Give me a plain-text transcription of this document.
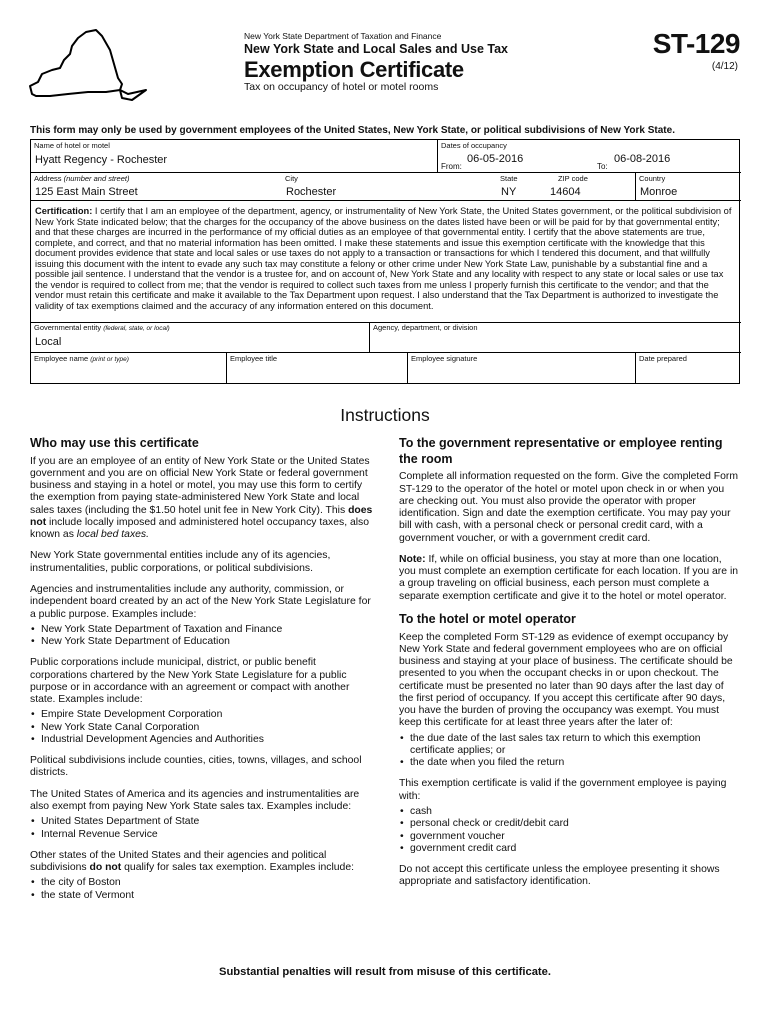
New York State Department of Taxation and Finance
New York State and Local Sales and Use Tax
Exemption Certificate
Tax on occupancy of hotel or motel rooms
ST-129
(4/12)
This form may only be used by government employees of the United States, New York State, or political subdivisions of New York State.
Name of hotel or motel
Hyatt Regency - Rochester
Dates of occupancy
From:
06-05-2016
To:
06-08-2016
Address (number and street)
125 East Main Street
City
Rochester
State
NY
ZIP code
14604
Country
Monroe
Certification: I certify that I am an employee of the department, agency, or instrumentality of New York State, the United States government, or the political subdivision of New York State indicated below; that the charges for the occupancy of the above business on the dates listed have been or will be paid for by that governmental entity; and that these charges are incurred in the performance of my official duties as an employee of that governmental entity. I certify that the above statements are true, complete, and correct, and that no material information has been omitted. I make these statements and issue this exemption certificate with the knowledge that this document provides evidence that state and local sales or use taxes do not apply to a transaction or transactions for which I tendered this document, and that willfully issuing this document with the intent to evade any such tax may constitute a felony or other crime under New York State Law, punishable by a substantial fine and a possible jail sentence. I understand that the vendor is a trustee for, and on account of, New York State and any locality with respect to any state or local sales or use tax the vendor is required to collect from me; that the vendor is required to collect such taxes from me unless I properly furnish this certificate to the vendor; and that the vendor must retain this certificate and make it available to the Tax Department upon request. I also understand that the Tax Department is authorized to investigate the validity of tax exemptions claimed and the accuracy of any information entered on this document.
Governmental entity (federal, state, or local)
Local
Agency, department, or division
Employee name (print or type)	Employee title	Employee signature	Date prepared
Instructions
Who may use this certificate

If you are an employee of an entity of New York State or the United States government and you are on official New York State or federal government business and staying in a hotel or motel, you may use this form to certify the exemption from paying state-administered New York State and local sales taxes (including the $1.50 hotel unit fee in New York City). This does not include locally imposed and administered hotel occupancy taxes, also known as local bed taxes.

New York State governmental entities include any of its agencies, instrumentalities, public corporations, or political subdivisions.

Agencies and instrumentalities include any authority, commission, or independent board created by an act of the New York State Legislature for a public purpose. Examples include:

• New York State Department of Taxation and Finance
• New York State Department of Education

Public corporations include municipal, district, or public benefit corporations chartered by the New York State Legislature for a public purpose or in accordance with an agreement or compact with another state. Examples include:

• Empire State Development Corporation
• New York State Canal Corporation
• Industrial Development Agencies and Authorities

Political subdivisions include counties, cities, towns, villages, and school districts.

The United States of America and its agencies and instrumentalities are also exempt from paying New York State sales tax. Examples include:

• United States Department of State
• Internal Revenue Service

Other states of the United States and their agencies and political subdivisions do not qualify for sales tax exemption. Examples include:

• the city of Boston
• the state of Vermont
To the government representative or employee renting the room

Complete all information requested on the form. Give the completed Form ST-129 to the operator of the hotel or motel upon check in or when you are checking out. You must also provide the operator with proper identification. Sign and date the exemption certificate. You may pay your bill with cash, with a personal check or personal credit card, with a government voucher, or with a government credit card.

Note: If, while on official business, you stay at more than one location, you must complete an exemption certificate for each location. If you are in a group traveling on official business, each person must complete a separate exemption certificate and give it to the hotel or motel operator.

To the hotel or motel operator

Keep the completed Form ST-129 as evidence of exempt occupancy by New York State and federal government employees who are on official business and staying at your place of business. The certificate should be presented to you when the occupant checks in or upon checkout. The certificate must be presented no later than 90 days after the last day of the first period of occupancy. If you accept this certificate after 90 days, you have the burden of proving the occupancy was exempt. You must keep this certificate for at least three years after the later of:

• the due date of the last sales tax return to which this exemption certificate applies; or
• the date when you filed the return

This exemption certificate is valid if the government employee is paying with:

• cash
• personal check or credit/debit card
• government voucher
• government credit card

Do not accept this certificate unless the employee presenting it shows appropriate and satisfactory identification.

Substantial penalties will result from misuse of this certificate.
